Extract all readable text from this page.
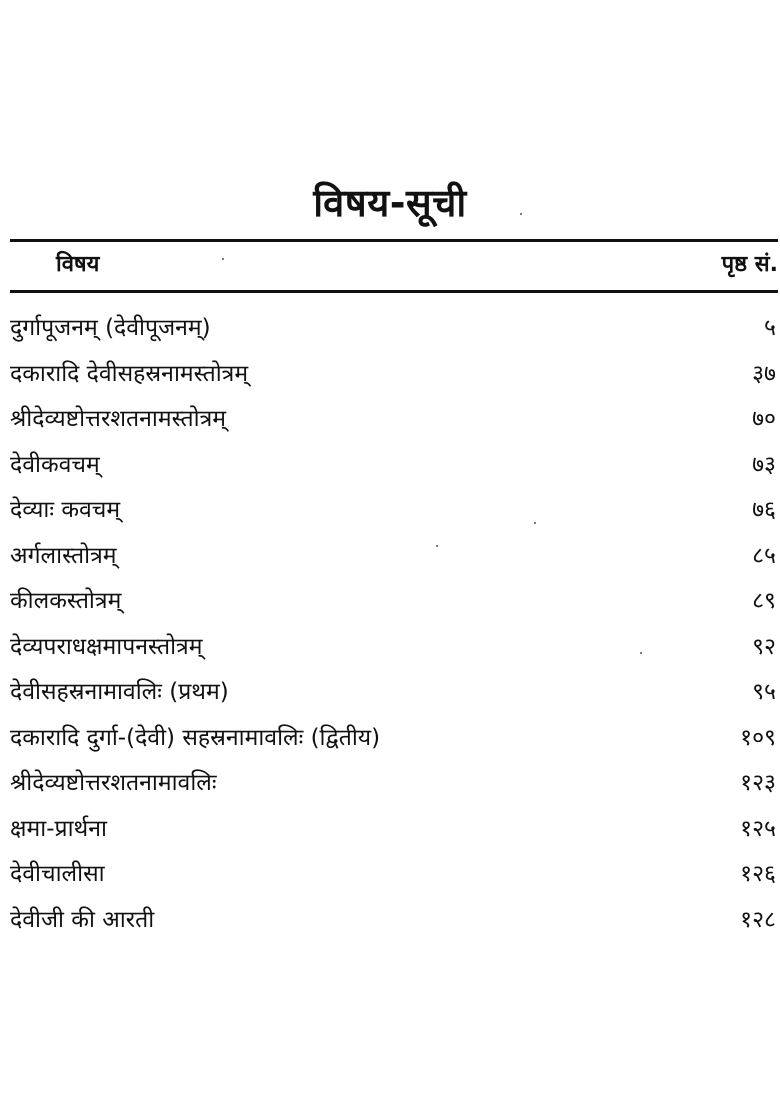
विषय-सूची
विषय	पृष्ठ सं.
दुर्गापूजनम् (देवीपूजनम्)	५
दकारादि देवीसहस्रनामस्तोत्रम्	३७
श्रीदेव्यष्टोत्तरशतनामस्तोत्रम्	७०
देवीकवचम्	७३
देव्याः कवचम्	७६
अर्गलास्तोत्रम्	८५
कीलकस्तोत्रम्	८९
देव्यपराधक्षमापनस्तोत्रम्	९२
देवीसहस्रनामावलिः (प्रथम)	९५
दकारादि दुर्गा-(देवी) सहस्रनामावलिः (द्वितीय)	१०९
श्रीदेव्यष्टोत्तरशतनामावलिः	१२३
क्षमा-प्रार्थना	१२५
देवीचालीसा	१२६
देवीजी की आरती	१२८
